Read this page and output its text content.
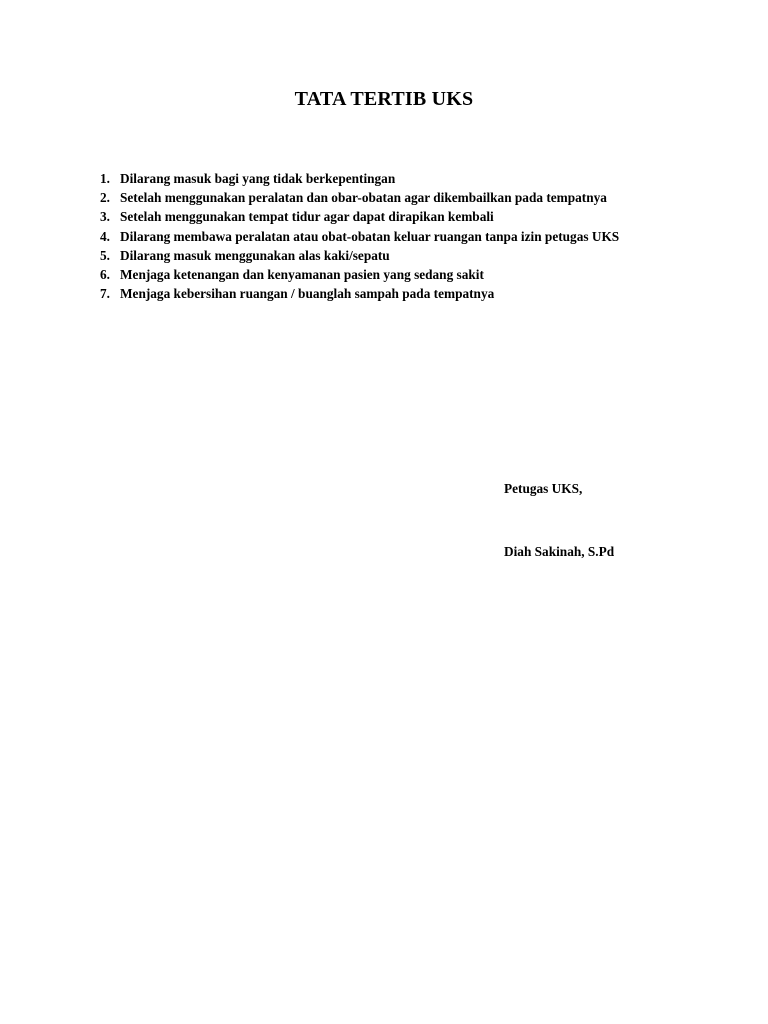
TATA TERTIB UKS
1. Dilarang masuk bagi yang tidak berkepentingan
2. Setelah menggunakan peralatan dan obar-obatan agar dikembailkan pada tempatnya
3. Setelah menggunakan tempat tidur agar dapat dirapikan kembali
4. Dilarang membawa peralatan atau obat-obatan keluar ruangan tanpa izin petugas UKS
5. Dilarang masuk menggunakan alas kaki/sepatu
6. Menjaga ketenangan dan kenyamanan pasien yang sedang sakit
7. Menjaga kebersihan ruangan / buanglah sampah pada tempatnya
Petugas UKS,
Diah Sakinah, S.Pd
